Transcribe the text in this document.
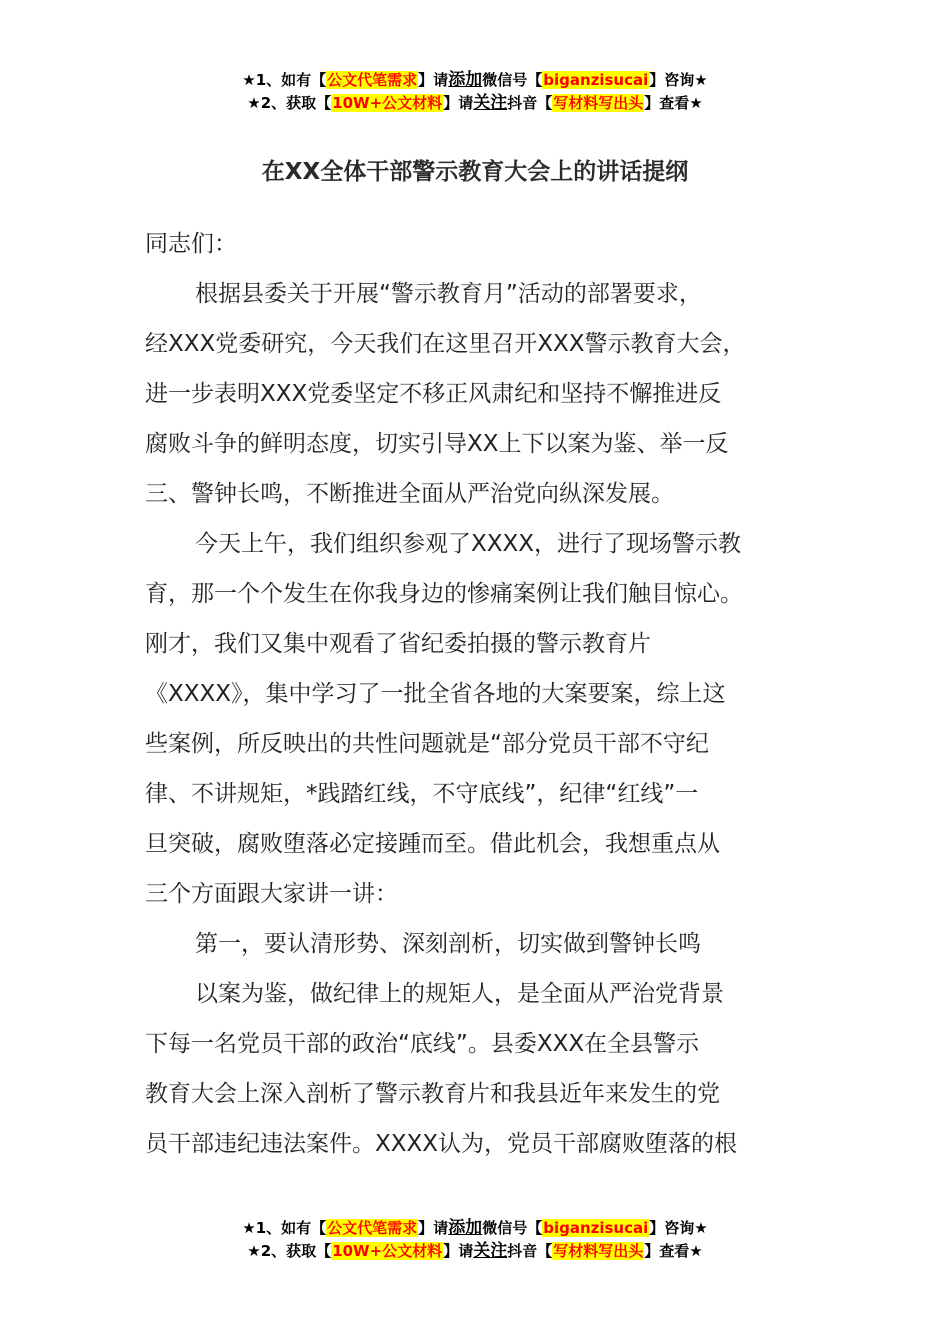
★1、如有【公文代笔需求】请添加微信号【biganzisucai】咨询★
★2、获取【10W+公文材料】请关注抖音【写材料写出头】查看★
在XX全体干部警示教育大会上的讲话提纲
同志们：
根据县委关于开展“警示教育月”活动的部署要求，
经XXX党委研究，今天我们在这里召开XXX警示教育大会，
进一步表明XXX党委坚定不移正风肃纪和坚持不懈推进反
腐败斗争的鲜明态度，切实引导XX上下以案为鉴、举一反
三、警钟长鸣，不断推进全面从严治党向纵深发展。
今天上午，我们组织参观了XXXX，进行了现场警示教
育，那一个个发生在你我身边的惨痛案例让我们触目惊心。
刚才，我们又集中观看了省纪委拍摄的警示教育片
《XXXX》，集中学习了一批全省各地的大案要案，综上这
些案例，所反映出的共性问题就是“部分党员干部不守纪
律、不讲规矩，*践踏红线，不守底线”，纪律“红线”一
旦突破，腐败堕落必定接踵而至。借此机会，我想重点从
三个方面跟大家讲一讲：
第一，要认清形势、深刻剖析，切实做到警钟长鸣
以案为鉴，做纪律上的规矩人，是全面从严治党背景
下每一名党员干部的政治“底线”。县委XXX在全县警示
教育大会上深入剖析了警示教育片和我县近年来发生的党
员干部违纪违法案件。XXXX认为，党员干部腐败堕落的根
★1、如有【公文代笔需求】请添加微信号【biganzisucai】咨询★
★2、获取【10W+公文材料】请关注抖音【写材料写出头】查看★
